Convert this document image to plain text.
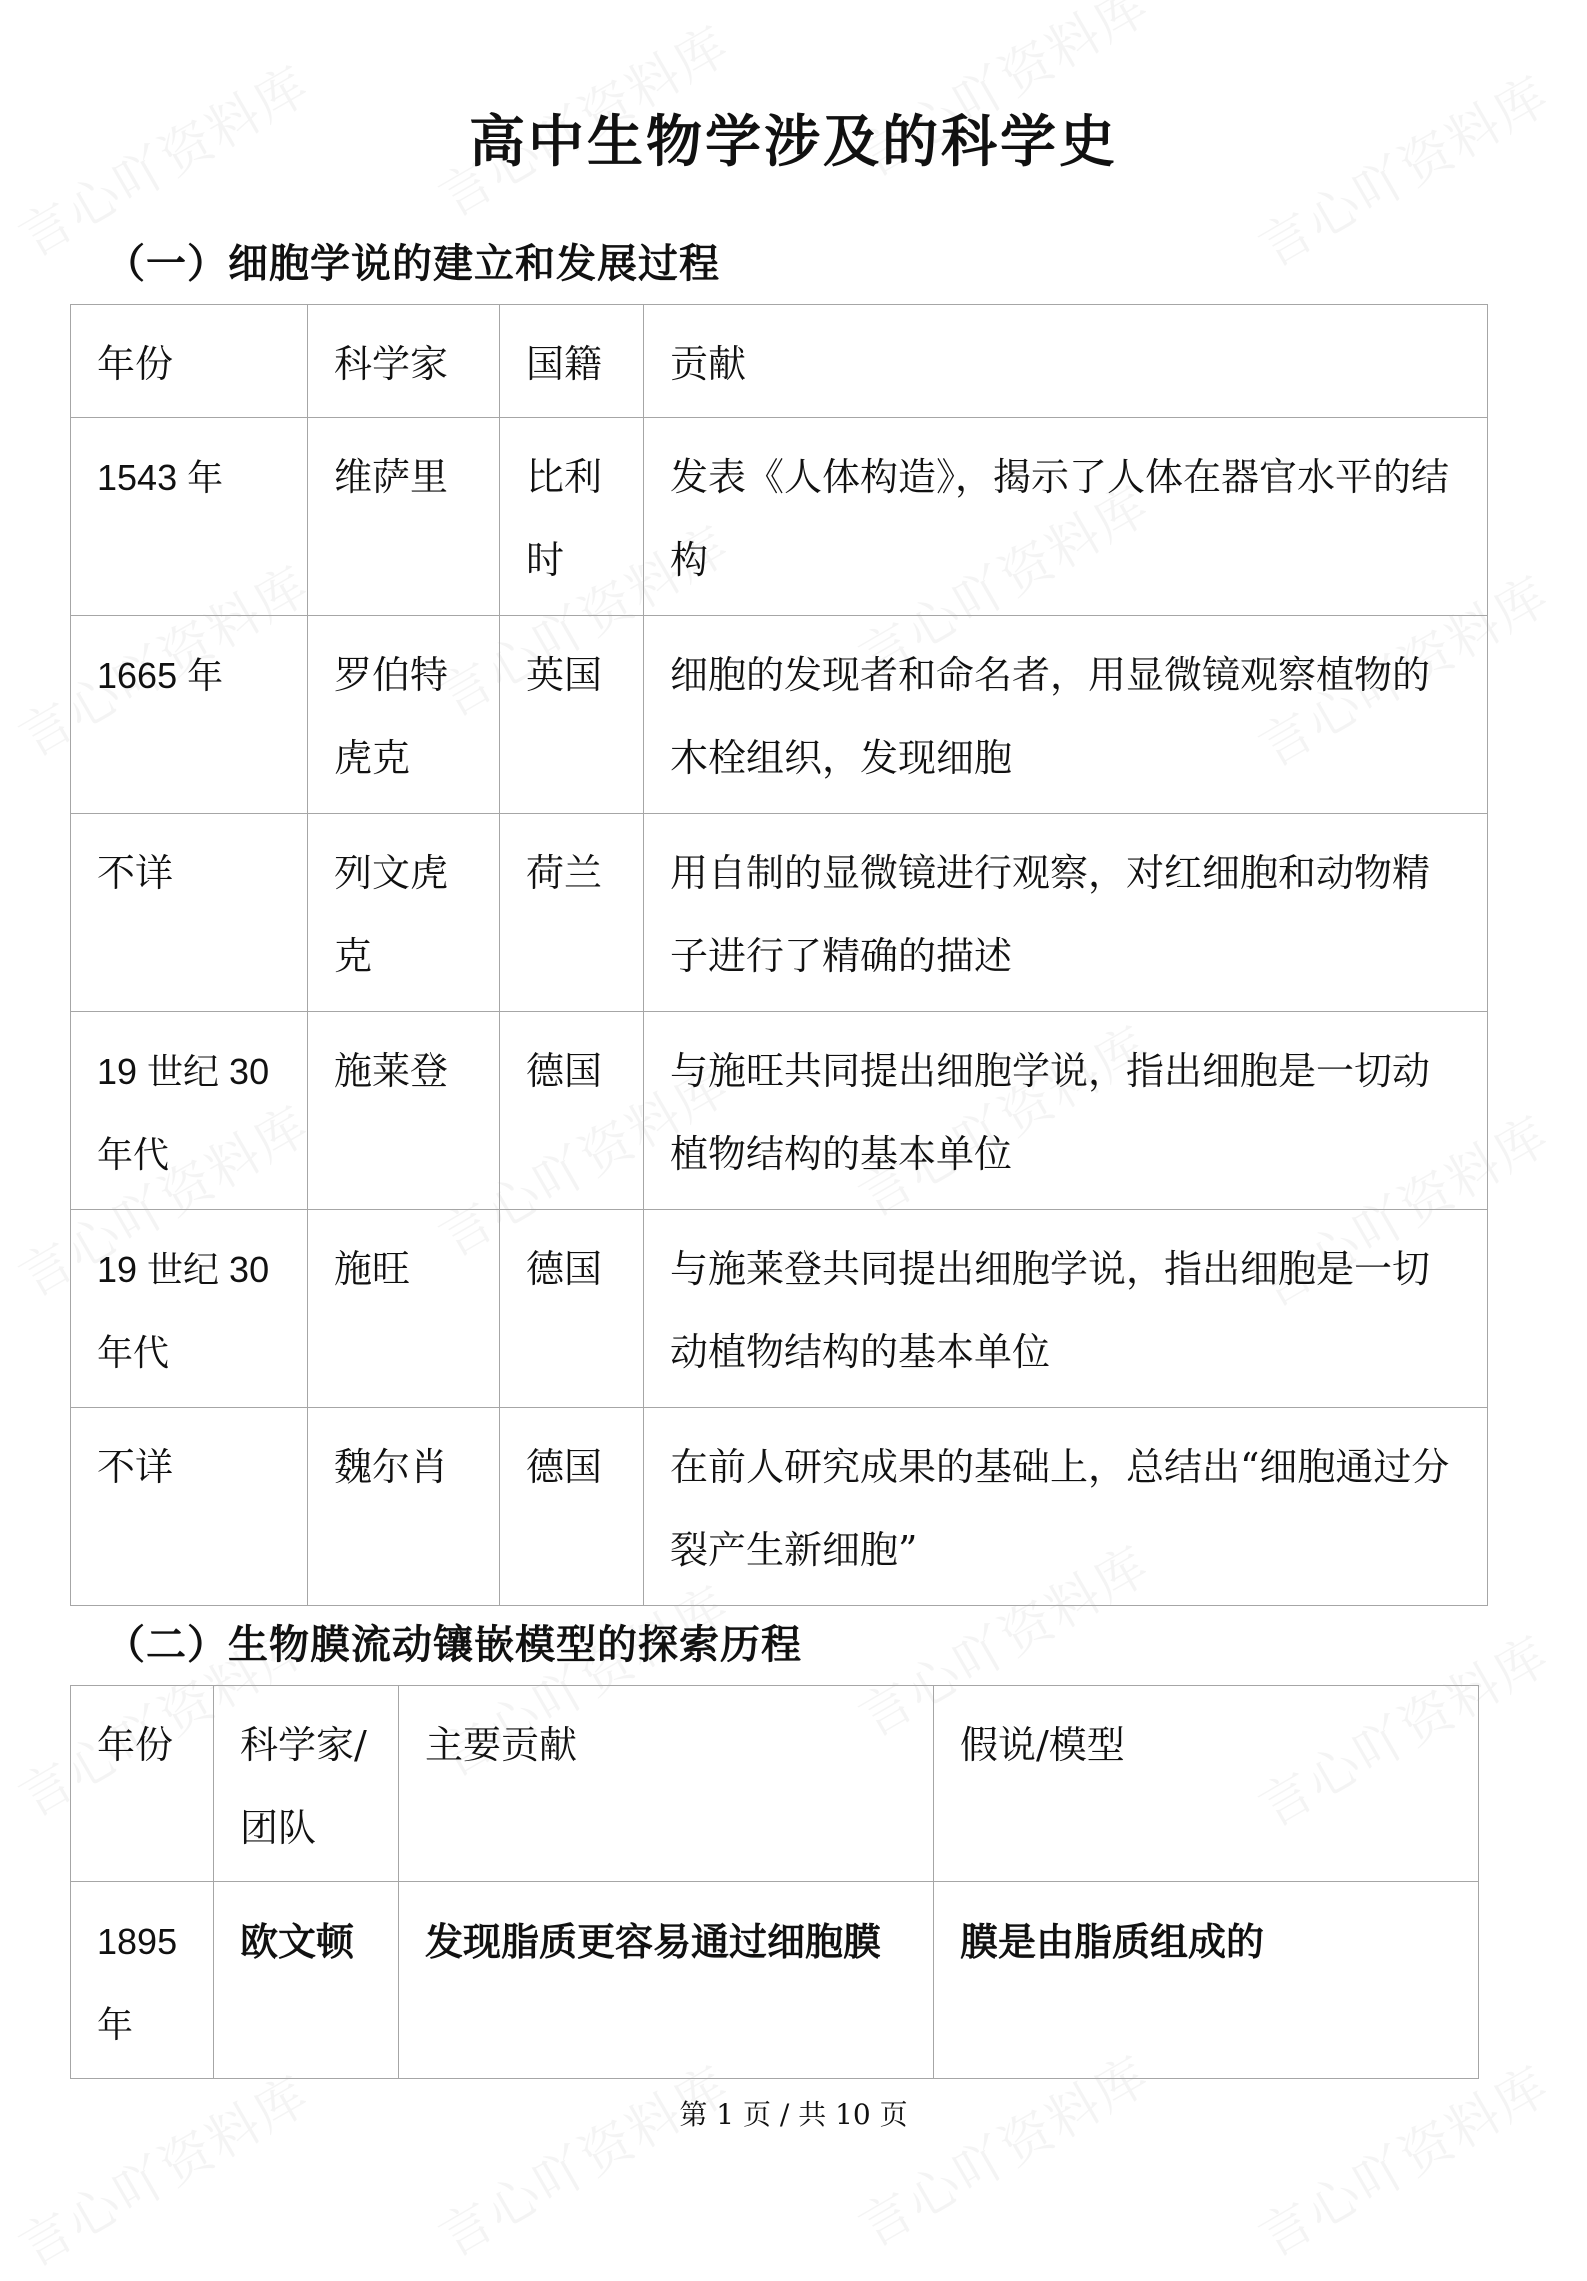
高中生物学涉及的科学史
（一）细胞学说的建立和发展过程
年份	科学家	国籍	贡献
1543 年	维萨里	比利时	发表《人体构造》，揭示了人体在器官水平的结构
1665 年	罗伯特虎克	英国	细胞的发现者和命名者，用显微镜观察植物的木栓组织，发现细胞
不详	列文虎克	荷兰	用自制的显微镜进行观察，对红细胞和动物精子进行了精确的描述
19 世纪 30 年代	施莱登	德国	与施旺共同提出细胞学说，指出细胞是一切动植物结构的基本单位
19 世纪 30 年代	施旺	德国	与施莱登共同提出细胞学说，指出细胞是一切动植物结构的基本单位
不详	魏尔肖	德国	在前人研究成果的基础上，总结出“细胞通过分裂产生新细胞”
（二）生物膜流动镶嵌模型的探索历程
年份	科学家/团队	主要贡献	假说/模型
1895 年	欧文顿	发现脂质更容易通过细胞膜	膜是由脂质组成的

第 1 页 / 共 10 页
